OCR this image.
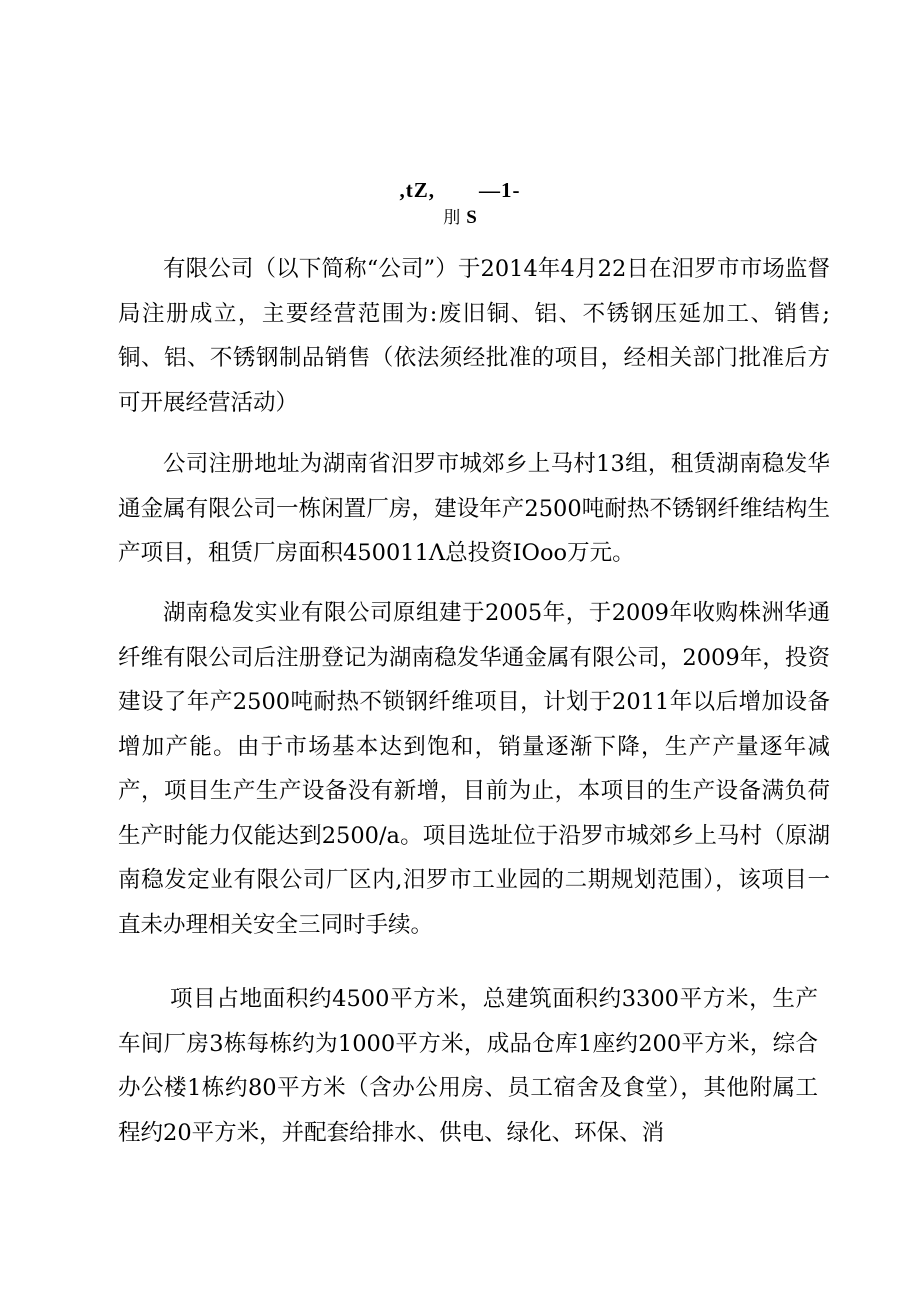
,tZ, —1-
刖 S

有限公司（以下简称“公司”）于2014年4月22日在汨罗市市场监督局注册成立，主要经营范围为:废旧铜、铝、不锈钢压延加工、销售;铜、铝、不锈钢制品销售（依法须经批准的项目，经相关部门批准后方可开展经营活动）

公司注册地址为湖南省汨罗市城郊乡上马村13组，租赁湖南稳发华通金属有限公司一栋闲置厂房，建设年产2500吨耐热不锈钢纤维结构生产项目，租赁厂房面积450011Λ总投资IOoo万元。

湖南稳发实业有限公司原组建于2005年，于2009年收购株洲华通纤维有限公司后注册登记为湖南稳发华通金属有限公司，2009年，投资建设了年产2500吨耐热不锁钢纤维项目，计划于2011年以后增加设备增加产能。由于市场基本达到饱和，销量逐渐下降，生产产量逐年减产，项目生产生产设备没有新增，目前为止，本项目的生产设备满负荷生产时能力仅能达到2500/a。项目选址位于沿罗市城郊乡上马村（原湖南稳发定业有限公司厂区内,汨罗市工业园的二期规划范围），该项目一直未办理相关安全三同时手续。

项目占地面积约4500平方米，总建筑面积约3300平方米，生产车间厂房3栋每栋约为1000平方米，成品仓库1座约200平方米，综合办公楼1栋约80平方米（含办公用房、员工宿舍及食堂），其他附属工程约20平方米，并配套给排水、供电、绿化、环保、消
